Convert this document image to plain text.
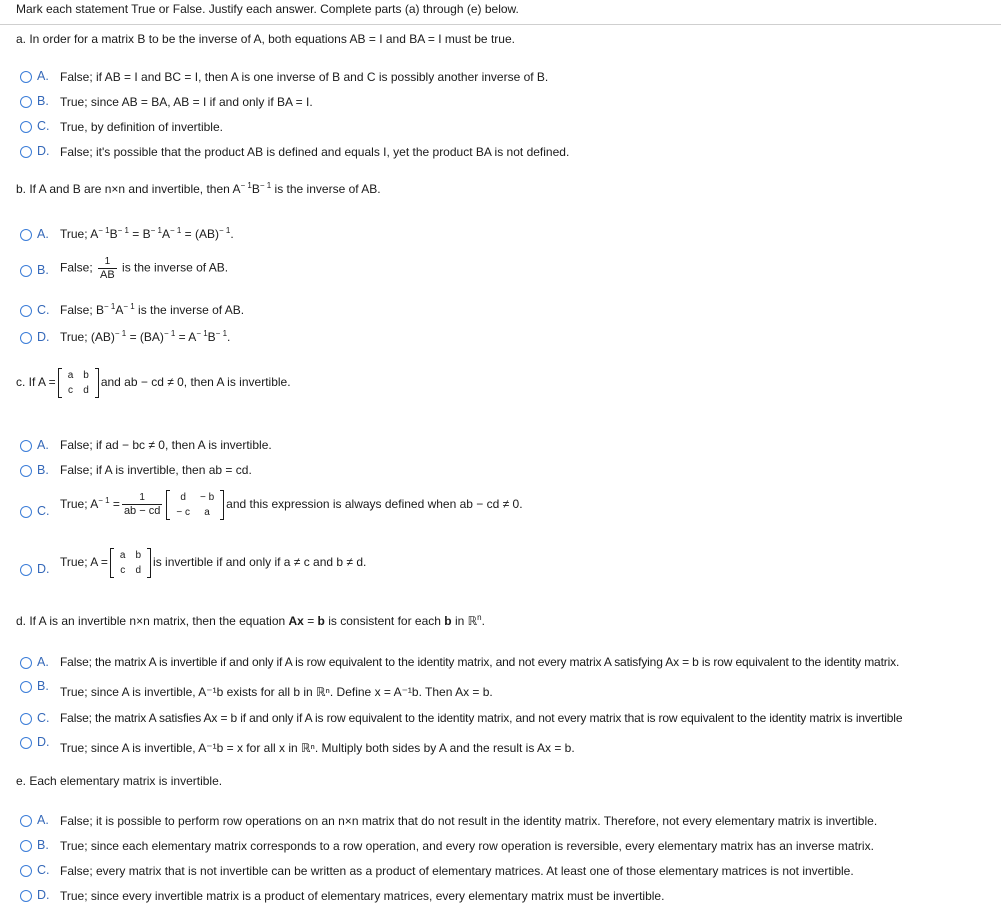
Mark each statement True or False. Justify each answer. Complete parts (a) through (e) below.
a. In order for a matrix B to be the inverse of A, both equations AB = I and BA = I must be true.
A. False; if AB = I and BC = I, then A is one inverse of B and C is possibly another inverse of B.
B. True; since AB = BA, AB = I if and only if BA = I.
C. True, by definition of invertible.
D. False; it's possible that the product AB is defined and equals I, yet the product BA is not defined.
b. If A and B are n×n and invertible, then $A^{- 1}B^{- 1}$ is the inverse of AB.
A. True; $A^{- 1}B^{- 1} = B^{- 1}A^{- 1} = (AB)^{- 1}$.
B. False; $\frac{1}{AB}$ is the inverse of AB.
C. False; $B^{- 1}A^{- 1}$ is the inverse of AB.
D. True; $(AB)^{- 1} = (BA)^{- 1} = A^{- 1}B^{- 1}$.
c. If A = a	b
c	d
and ab − cd ≠ 0, then A is invertible.
A. False; if ad − bc ≠ 0, then A is invertible.
B. False; if A is invertible, then ab = cd.
C. True; $A^{- 1} = \frac{1}{ab - cd}$ d	− b
− c	a
and this expression is always defined when ab − cd ≠ 0.
D. True; A = a	b
c	d
is invertible if and only if a ≠ c and b ≠ d.
d. If A is an invertible n×n matrix, then the equation Ax = b is consistent for each b in ℝ$^n$.
A. False; the matrix A is invertible if and only if A is row equivalent to the identity matrix, and not every matrix A satisfying Ax = b is row equivalent to the identity matrix.
B. True; since A is invertible, A⁻¹b exists for all b in ℝⁿ. Define x = A⁻¹b. Then Ax = b.
C. False; the matrix A satisfies Ax = b if and only if A is row equivalent to the identity matrix, and not every matrix that is row equivalent to the identity matrix is invertible
D. True; since A is invertible, A⁻¹b = x for all x in ℝⁿ. Multiply both sides by A and the result is Ax = b.
e. Each elementary matrix is invertible.
A. False; it is possible to perform row operations on an n×n matrix that do not result in the identity matrix. Therefore, not every elementary matrix is invertible.
B. True; since each elementary matrix corresponds to a row operation, and every row operation is reversible, every elementary matrix has an inverse matrix.
C. False; every matrix that is not invertible can be written as a product of elementary matrices. At least one of those elementary matrices is not invertible.
D. True; since every invertible matrix is a product of elementary matrices, every elementary matrix must be invertible.
